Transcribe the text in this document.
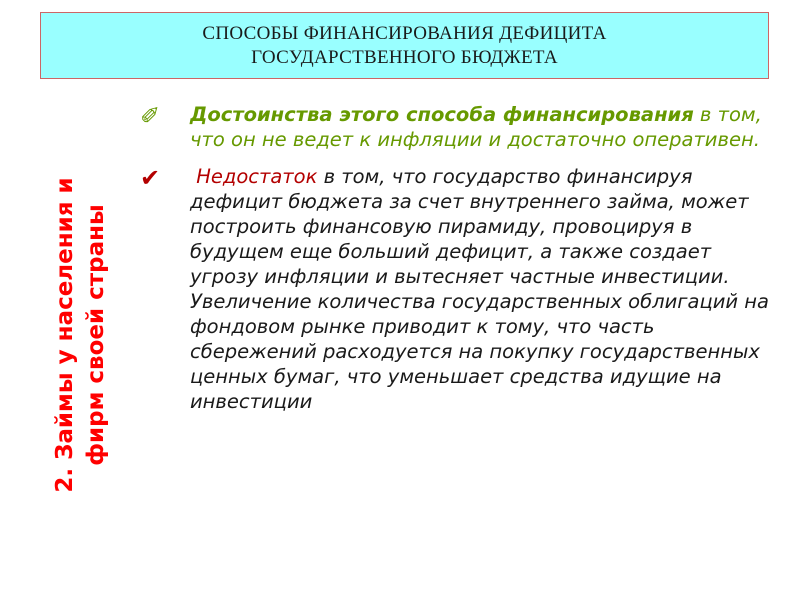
СПОСОБЫ ФИНАНСИРОВАНИЯ ДЕФИЦИТА
ГОСУДАРСТВЕННОГО БЮДЖЕТА
2. Займы у населения и фирм своей страны
✐ Достоинства этого способа финансирования в том, что он не ведет к инфляции и достаточно оперативен.
✔ Недостаток в том, что государство финансируя дефицит бюджета за счет внутреннего займа, может построить финансовую пирамиду, провоцируя в будущем еще больший дефицит, а также создает угрозу инфляции и вытесняет частные инвестиции. Увеличение количества государственных облигаций на фондовом рынке приводит к тому, что часть сбережений расходуется на покупку государственных ценных бумаг, что уменьшает средства идущие на инвестиции
